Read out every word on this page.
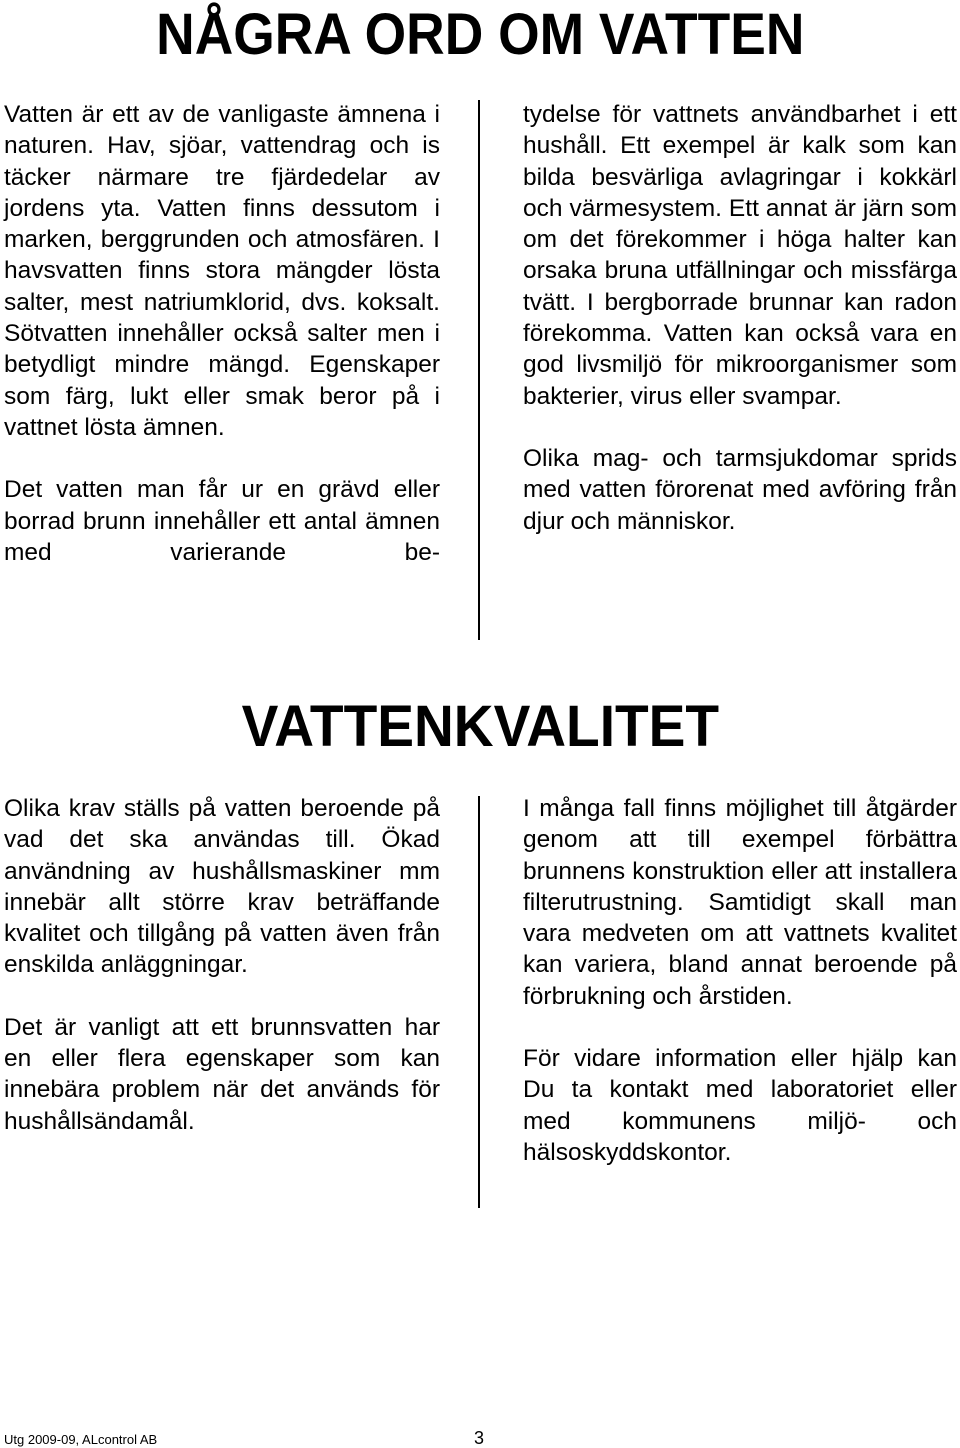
NÅGRA ORD OM VATTEN

Vatten är ett av de vanligaste ämnena i naturen. Hav, sjöar, vattendrag och is täcker närmare tre fjärdedelar av jordens yta. Vatten finns dessutom i marken, berggrunden och atmosfären. I havsvatten finns stora mängder lösta salter, mest natriumklorid, dvs. koksalt. Sötvatten innehåller också salter men i betydligt mindre mängd. Egenskaper som färg, lukt eller smak beror på i vattnet lösta ämnen.

Det vatten man får ur en grävd eller borrad brunn innehåller ett antal ämnen med varierande be-

tydelse för vattnets användbarhet i ett hushåll. Ett exempel är kalk som kan bilda besvärliga avlagringar i kokkärl och värmesystem. Ett annat är järn som om det förekommer i höga halter kan orsaka bruna utfällningar och missfärga tvätt. I bergborrade brunnar kan radon förekomma. Vatten kan också vara en god livsmiljö för mikroorganismer som bakterier, virus eller svampar.

Olika mag- och tarmsjukdomar sprids med vatten förorenat med avföring från djur och människor.

VATTENKVALITET

Olika krav ställs på vatten beroende på vad det ska användas till. Ökad användning av hushållsmaskiner mm innebär allt större krav beträffande kvalitet och tillgång på vatten även från enskilda anläggningar.

Det är vanligt att ett brunnsvatten har en eller flera egenskaper som kan innebära problem när det används för hushållsändamål.

I många fall finns möjlighet till åtgärder genom att till exempel förbättra brunnens konstruktion eller att installera filterutrustning. Samtidigt skall man vara medveten om att vattnets kvalitet kan variera, bland annat beroende på förbrukning och årstiden.

För vidare information eller hjälp kan Du ta kontakt med laboratoriet eller med kommunens miljö- och hälsoskyddskontor.

Utg 2009-09, ALcontrol AB	3
